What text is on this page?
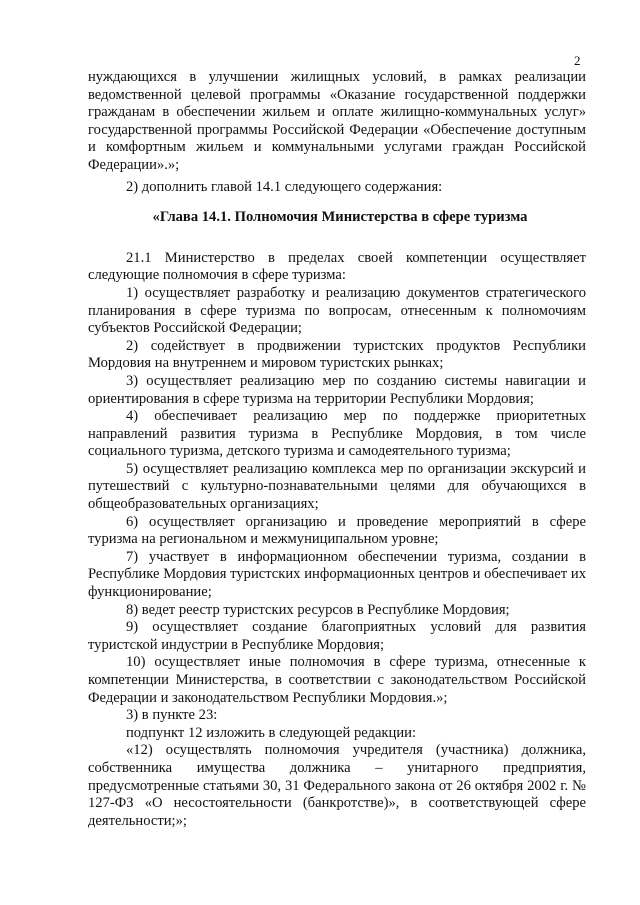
2

нуждающихся в улучшении жилищных условий, в рамках реализации ведомственной целевой программы «Оказание государственной поддержки гражданам в обеспечении жильем и оплате жилищно-коммунальных услуг» государственной программы Российской Федерации «Обеспечение доступным и комфортным жильем и коммунальными услугами граждан Российской Федерации».»;

2) дополнить главой 14.1 следующего содержания:

«Глава 14.1. Полномочия Министерства в сфере туризма

21.1 Министерство в пределах своей компетенции осуществляет следующие полномочия в сфере туризма:

1) осуществляет разработку и реализацию документов стратегического планирования в сфере туризма по вопросам, отнесенным к полномочиям субъектов Российской Федерации;

2) содействует в продвижении туристских продуктов Республики Мордовия на внутреннем и мировом туристских рынках;

3) осуществляет реализацию мер по созданию системы навигации и ориентирования в сфере туризма на территории Республики Мордовия;

4) обеспечивает реализацию мер по поддержке приоритетных направлений развития туризма в Республике Мордовия, в том числе социального туризма, детского туризма и самодеятельного туризма;

5) осуществляет реализацию комплекса мер по организации экскурсий и путешествий с культурно-познавательными целями для обучающихся в общеобразовательных организациях;

6) осуществляет организацию и проведение мероприятий в сфере туризма на региональном и межмуниципальном уровне;

7) участвует в информационном обеспечении туризма, создании в Республике Мордовия туристских информационных центров и обеспечивает их функционирование;

8) ведет реестр туристских ресурсов в Республике Мордовия;

9) осуществляет создание благоприятных условий для развития туристской индустрии в Республике Мордовия;

10) осуществляет иные полномочия в сфере туризма, отнесенные к компетенции Министерства, в соответствии с законодательством Российской Федерации и законодательством Республики Мордовия.»;

3) в пункте 23:

подпункт 12 изложить в следующей редакции:

«12) осуществлять полномочия учредителя (участника) должника, собственника имущества должника – унитарного предприятия, предусмотренные статьями 30, 31 Федерального закона от 26 октября 2002 г. № 127-ФЗ «О несостоятельности (банкротстве)», в соответствующей сфере деятельности;»;
